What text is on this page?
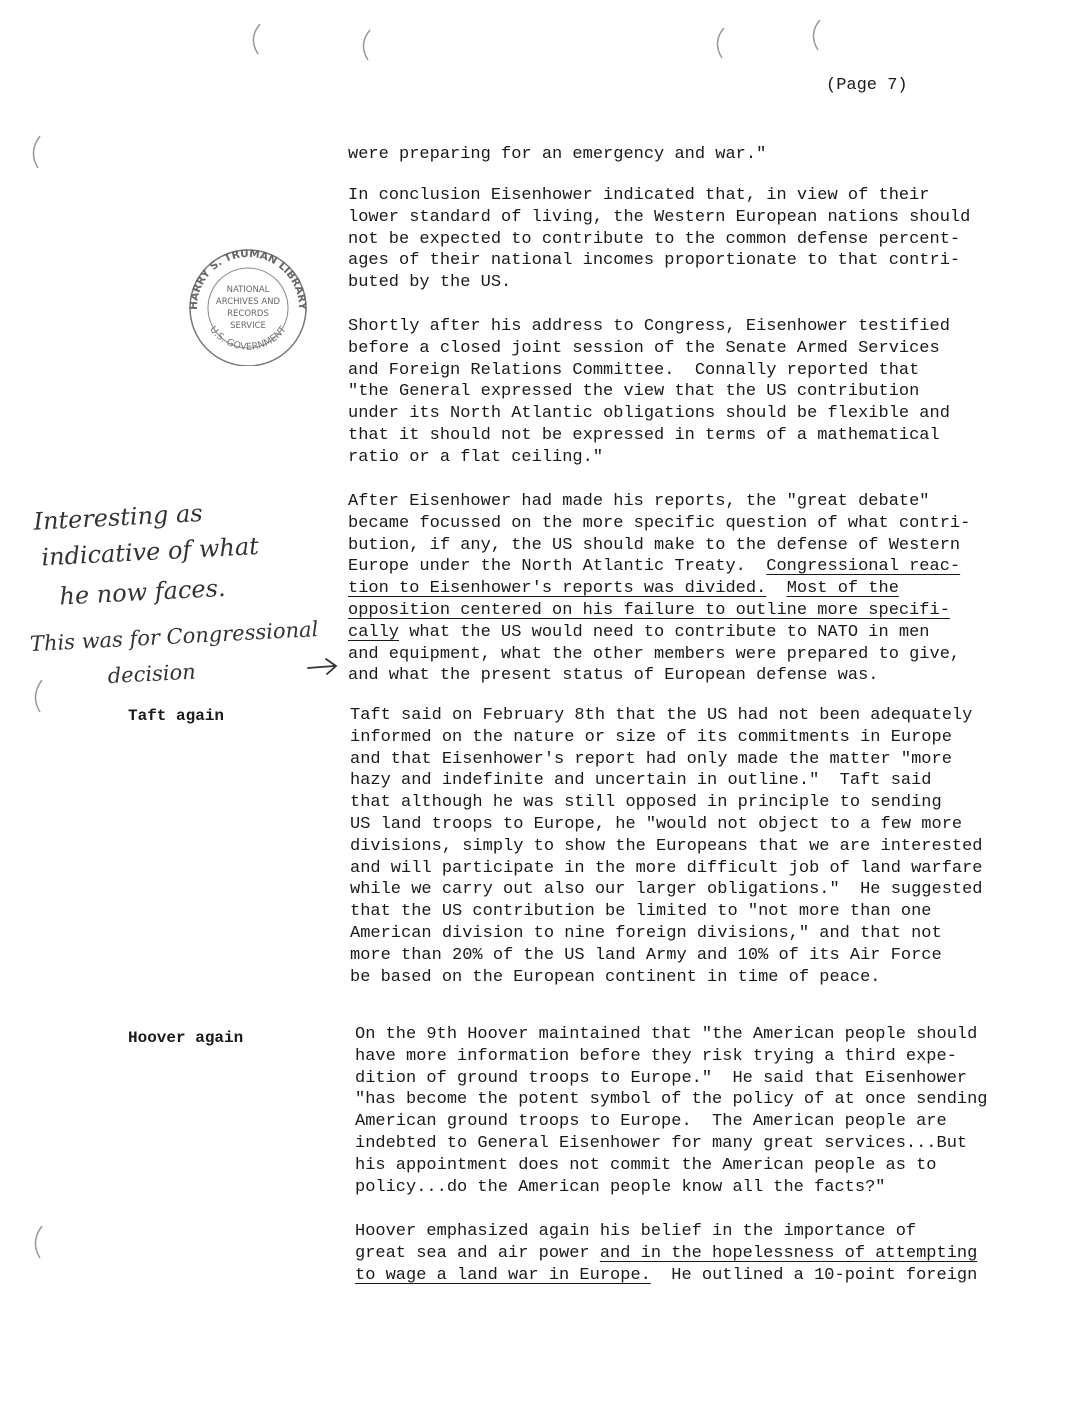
(Page 7)
HARRY S. TRUMAN LIBRARY
U.S. GOVERNMENT
NATIONAL
ARCHIVES AND
RECORDS
SERVICE
Interesting as
indicative of what
he now faces.
This was for Congressional
decision
Taft again
Hoover again
were preparing for an emergency and war."
In conclusion Eisenhower indicated that, in view of their
lower standard of living, the Western European nations should
not be expected to contribute to the common defense percent-
ages of their national incomes proportionate to that contri-
buted by the US.
Shortly after his address to Congress, Eisenhower testified
before a closed joint session of the Senate Armed Services
and Foreign Relations Committee.  Connally reported that
"the General expressed the view that the US contribution
under its North Atlantic obligations should be flexible and
that it should not be expressed in terms of a mathematical
ratio or a flat ceiling."
After Eisenhower had made his reports, the "great debate"
became focussed on the more specific question of what contri-
bution, if any, the US should make to the defense of Western
Europe under the North Atlantic Treaty.  Congressional reac-
tion to Eisenhower's reports was divided. Most of the
opposition centered on his failure to outline more specifi-
cally what the US would need to contribute to NATO in men
and equipment, what the other members were prepared to give,
and what the present status of European defense was.
Taft said on February 8th that the US had not been adequately
informed on the nature or size of its commitments in Europe
and that Eisenhower's report had only made the matter "more
hazy and indefinite and uncertain in outline."  Taft said
that although he was still opposed in principle to sending
US land troops to Europe, he "would not object to a few more
divisions, simply to show the Europeans that we are interested
and will participate in the more difficult job of land warfare
while we carry out also our larger obligations."  He suggested
that the US contribution be limited to "not more than one
American division to nine foreign divisions," and that not
more than 20% of the US land Army and 10% of its Air Force
be based on the European continent in time of peace.
On the 9th Hoover maintained that "the American people should
have more information before they risk trying a third expe-
dition of ground troops to Europe."  He said that Eisenhower
"has become the potent symbol of the policy of at once sending
American ground troops to Europe.  The American people are
indebted to General Eisenhower for many great services...But
his appointment does not commit the American people as to
policy...do the American people know all the facts?"
Hoover emphasized again his belief in the importance of
great sea and air power and in the hopelessness of attempting
to wage a land war in Europe.  He outlined a 10-point foreign
